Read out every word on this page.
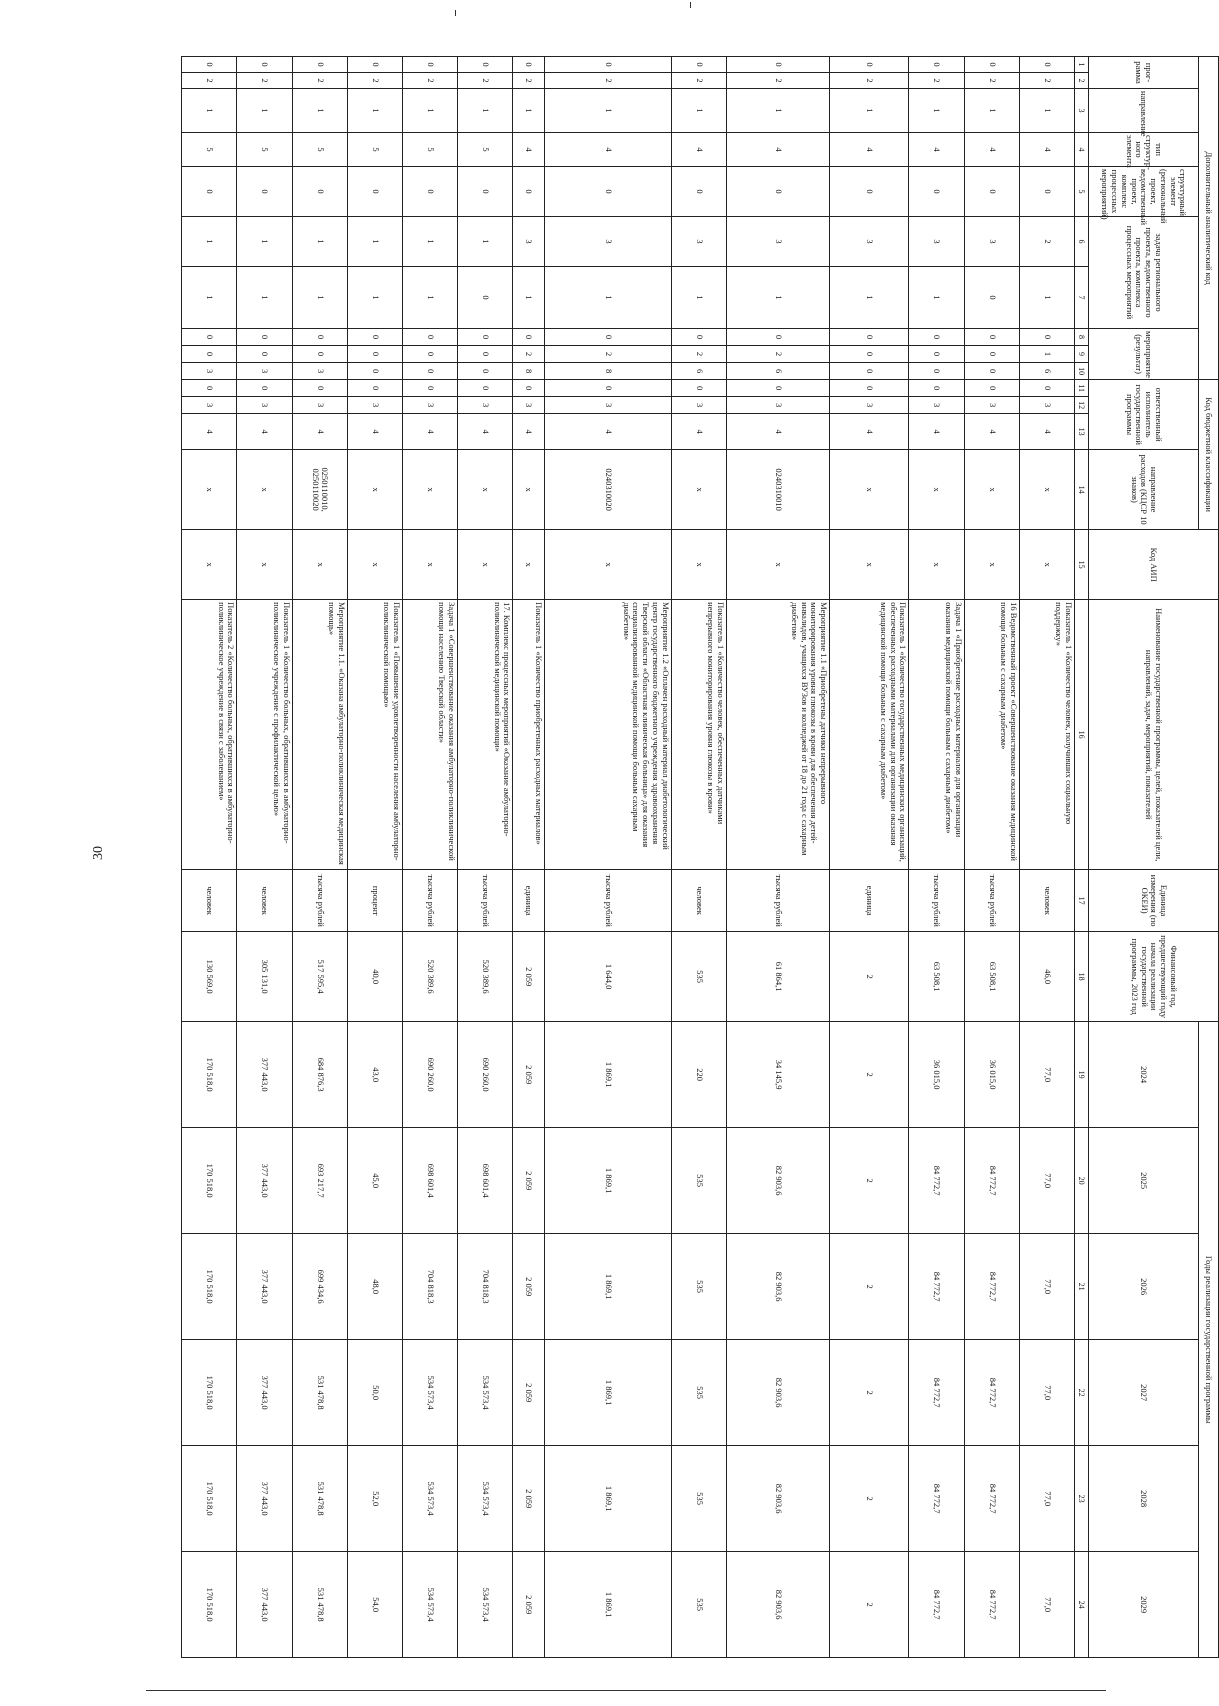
30
Дополнительный аналитический код										Код бюджетной классификации				Код АИП	Наименование государственной программы, целей, показателей цели, направлений, задач, мероприятий, показателей	Единица измерения (по ОКЕИ)	Финансовый год, предшествующий году начала реализации государственной программы, 2023 год	Годы реализации государственной программы					
прог-рамма		направление	тип структур-ного элемента	структурный элемент (региональный проект, ведомственный проект, комплекс процессных мероприятий)	задача регионального проекта, ведомственного проекта, комплекса процессных мероприятий		мероприятие (результат)			ответственный исполнитель государственной программы			направление расходов (КЦСР 10 знаков)					2024	2025	2026	2027	2028	2029

1	2	3	4	5	6	7	8	9	10	11	12	13	14	15	16	17	18	19	20	21	22	23	24
0	2	1	4	0	2	1	0	1	6	0	3	4	х	х	Показатель 1 «Количество человек, получивших социальную поддержку»	человек	46,0	77,0	77,0	77,0	77,0	77,0	77,0
0	2	1	4	0	3	0	0	0	0	0	3	4	х	х	16 Ведомственный проект «Совершенствование оказания медицинской помощи больным с сахарным диабетом»	тысяча рублей	63 508,1	36 015,0	84 772,7	84 772,7	84 772,7	84 772,7	84 772,7
0	2	1	4	0	3	1	0	0	0	0	3	4	х	х	Задача 1 «Приобретение расходных материалов для организации оказания медицинской помощи больным с сахарным диабетом»	тысяча рублей	63 508,1	36 015,0	84 772,7	84 772,7	84 772,7	84 772,7	84 772,7
0	2	1	4	0	3	1	0	0	0	0	3	4	х	х	Показатель 1 «Количество государственных медицинских организаций, обеспеченных расходными материалами для организации оказания медицинской помощи больным с сахарным диабетом»	единица	2	2	2	2	2	2	2
0	2	1	4	0	3	1	0	2	6	0	3	4	0240310010	х	Мероприятие 1.1 «Приобретены датчики непрерывного мониторирования уровня глюкозы в крови для обеспечения детей-инвалидов, учащихся ВУЗов и колледжей от 18 до 21 года с сахарным диабетом»	тысяча рублей	61 864,1	34 145,9	82 903,6	82 903,6	82 903,6	82 903,6	82 903,6
0	2	1	4	0	3	1	0	2	6	0	3	4	х	х	Показатель 1 «Количество человек, обеспеченных датчиками непрерывного мониторирования уровня глюкозы в крови»	человек	535	220	535	535	535	535	535
0	2	1	4	0	3	1	0	2	8	0	3	4	0240310020	х	Мероприятие 1.2 «Оплачен расходный материал диабетологический центр государственного бюджетного учреждения здравоохранения Тверской области «Областная клиническая больница» для оказания специализированной медицинской помощи больным сахарным диабетом»	тысяча рублей	1 644,0	1 869,1	1 869,1	1 869,1	1 869,1	1 869,1	1 869,1
0	2	1	4	0	3	1	0	2	8	0	3	4	х	х	Показатель 1 «Количество приобретенных расходных материалов»	единица	2 059	2 059	2 059	2 059	2 059	2 059	2 059
0	2	1	5	0	1	0	0	0	0	0	3	4	х	х	17. Комплекс процессных мероприятий «Оказание амбулаторно-поликлинической медицинской помощи»	тысяча рублей	520 389,6	690 260,0	698 601,4	704 818,3	534 573,4	534 573,4	534 573,4
0	2	1	5	0	1	1	0	0	0	0	3	4	х	х	Задача 1 «Совершенствование оказания амбулаторно-поликлинической помощи населению Тверской области»	тысяча рублей	520 389,6	690 260,0	698 601,4	704 818,3	534 573,4	534 573,4	534 573,4
0	2	1	5	0	1	1	0	0	0	0	3	4	х	х	Показатель 1 «Повышение удовлетворенности населения амбулаторно-поликлинической помощью»	процент	40,0	43,0	45,0	48,0	50,0	52,0	54,0
0	2	1	5	0	1	1	0	0	3	0	3	4	0250110010, 0250110020	х	Мероприятие 1.1. «Оказана амбулаторно-поликлиническая медицинская помощь»	тысяча рублей	517 595,4	684 876,3	693 217,7	699 434,6	531 478,8	531 478,8	531 478,8
0	2	1	5	0	1	1	0	0	3	0	3	4	х	х	Показатель 1 «Количество больных, обратившихся в амбулаторно-поликлиническое учреждение с профилактической целью»	человек	305 131,0	377 443,0	377 443,0	377 443,0	377 443,0	377 443,0	377 443,0
0	2	1	5	0	1	1	0	0	3	0	3	4	х	х	Показатель 2 «Количество больных, обратившихся в амбулаторно-поликлиническое учреждение в связи с заболеванием»	человек	130 569,0	170 518,0	170 518,0	170 518,0	170 518,0	170 518,0	170 518,0
